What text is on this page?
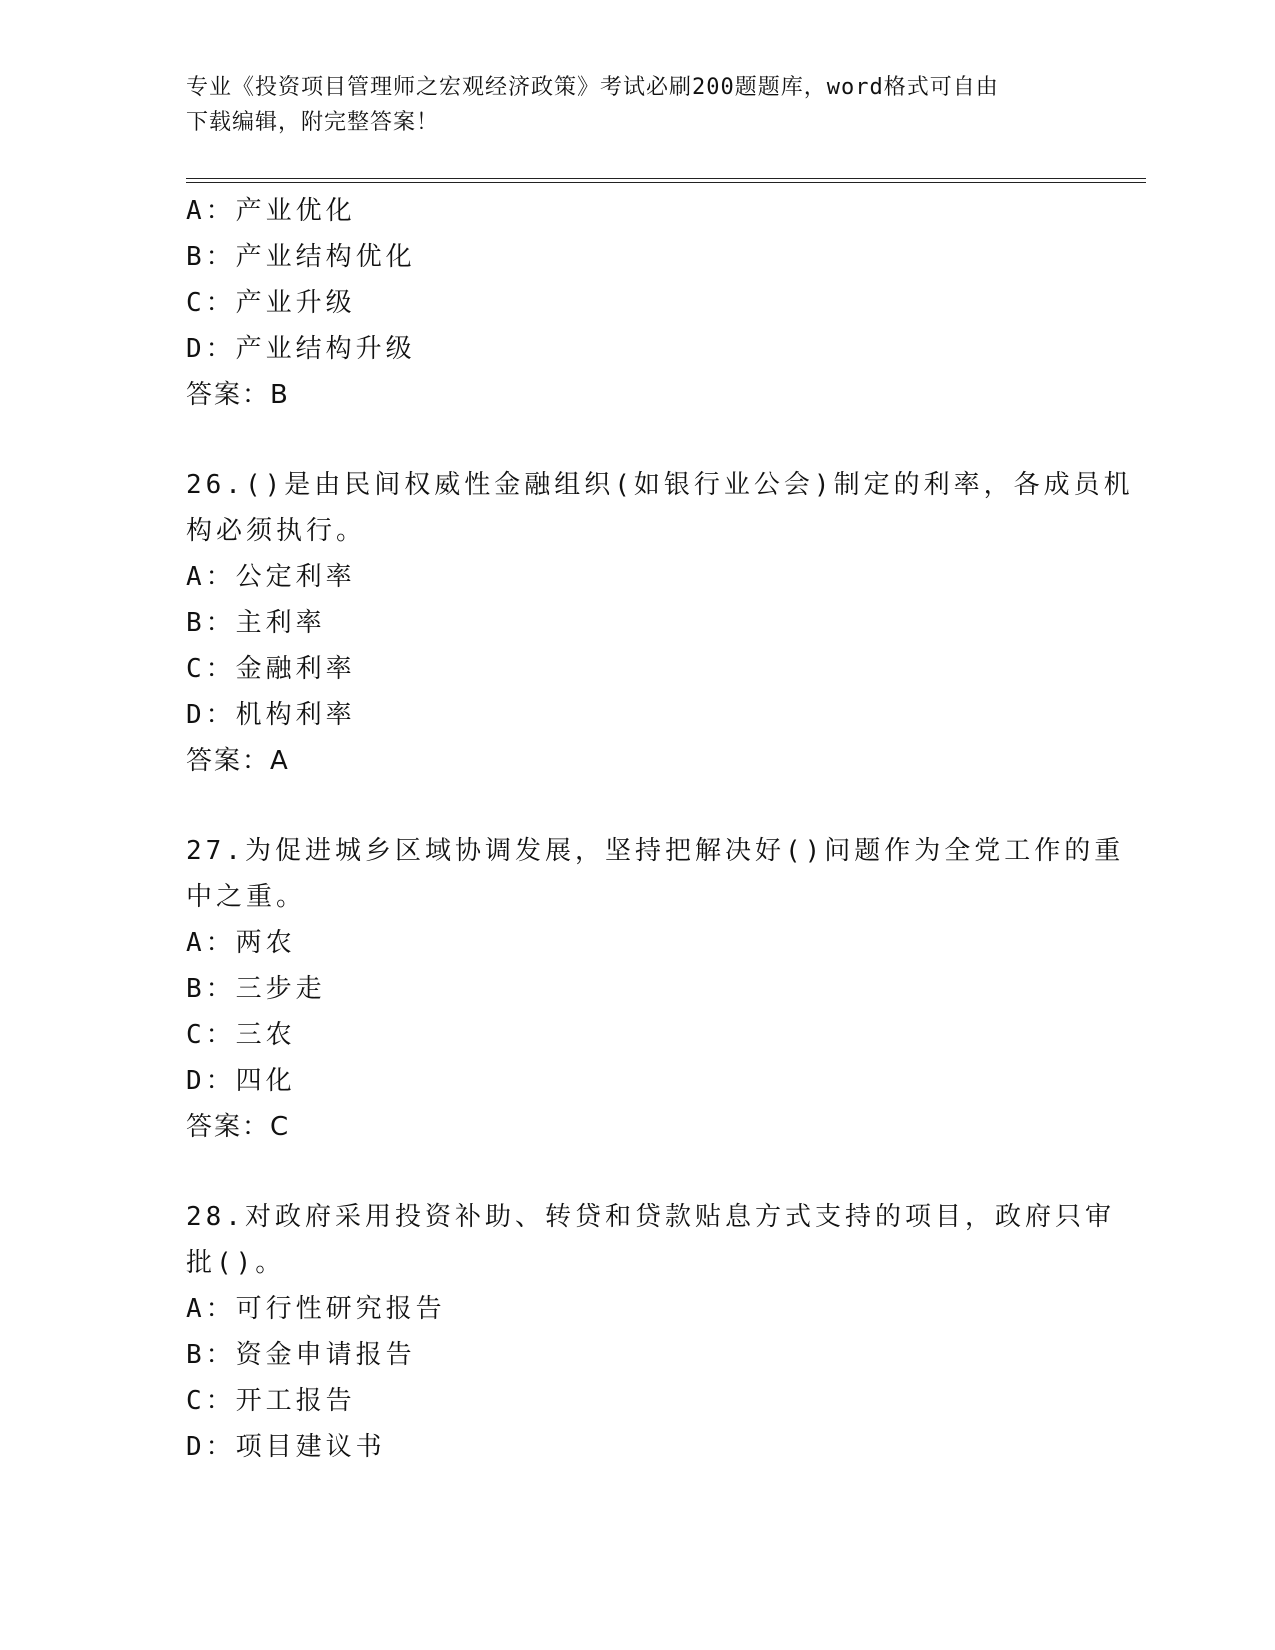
专业《投资项目管理师之宏观经济政策》考试必刷200题题库，word格式可自由
下载编辑，附完整答案！
A：产业优化
B：产业结构优化
C：产业升级
D：产业结构升级
答案：B
26.()是由民间权威性金融组织(如银行业公会)制定的利率，各成员机
构必须执行。
A：公定利率
B：主利率
C：金融利率
D：机构利率
答案：A
27.为促进城乡区域协调发展，坚持把解决好()问题作为全党工作的重
中之重。
A：两农
B：三步走
C：三农
D：四化
答案：C
28.对政府采用投资补助、转贷和贷款贴息方式支持的项目，政府只审
批()。
A：可行性研究报告
B：资金申请报告
C：开工报告
D：项目建议书
